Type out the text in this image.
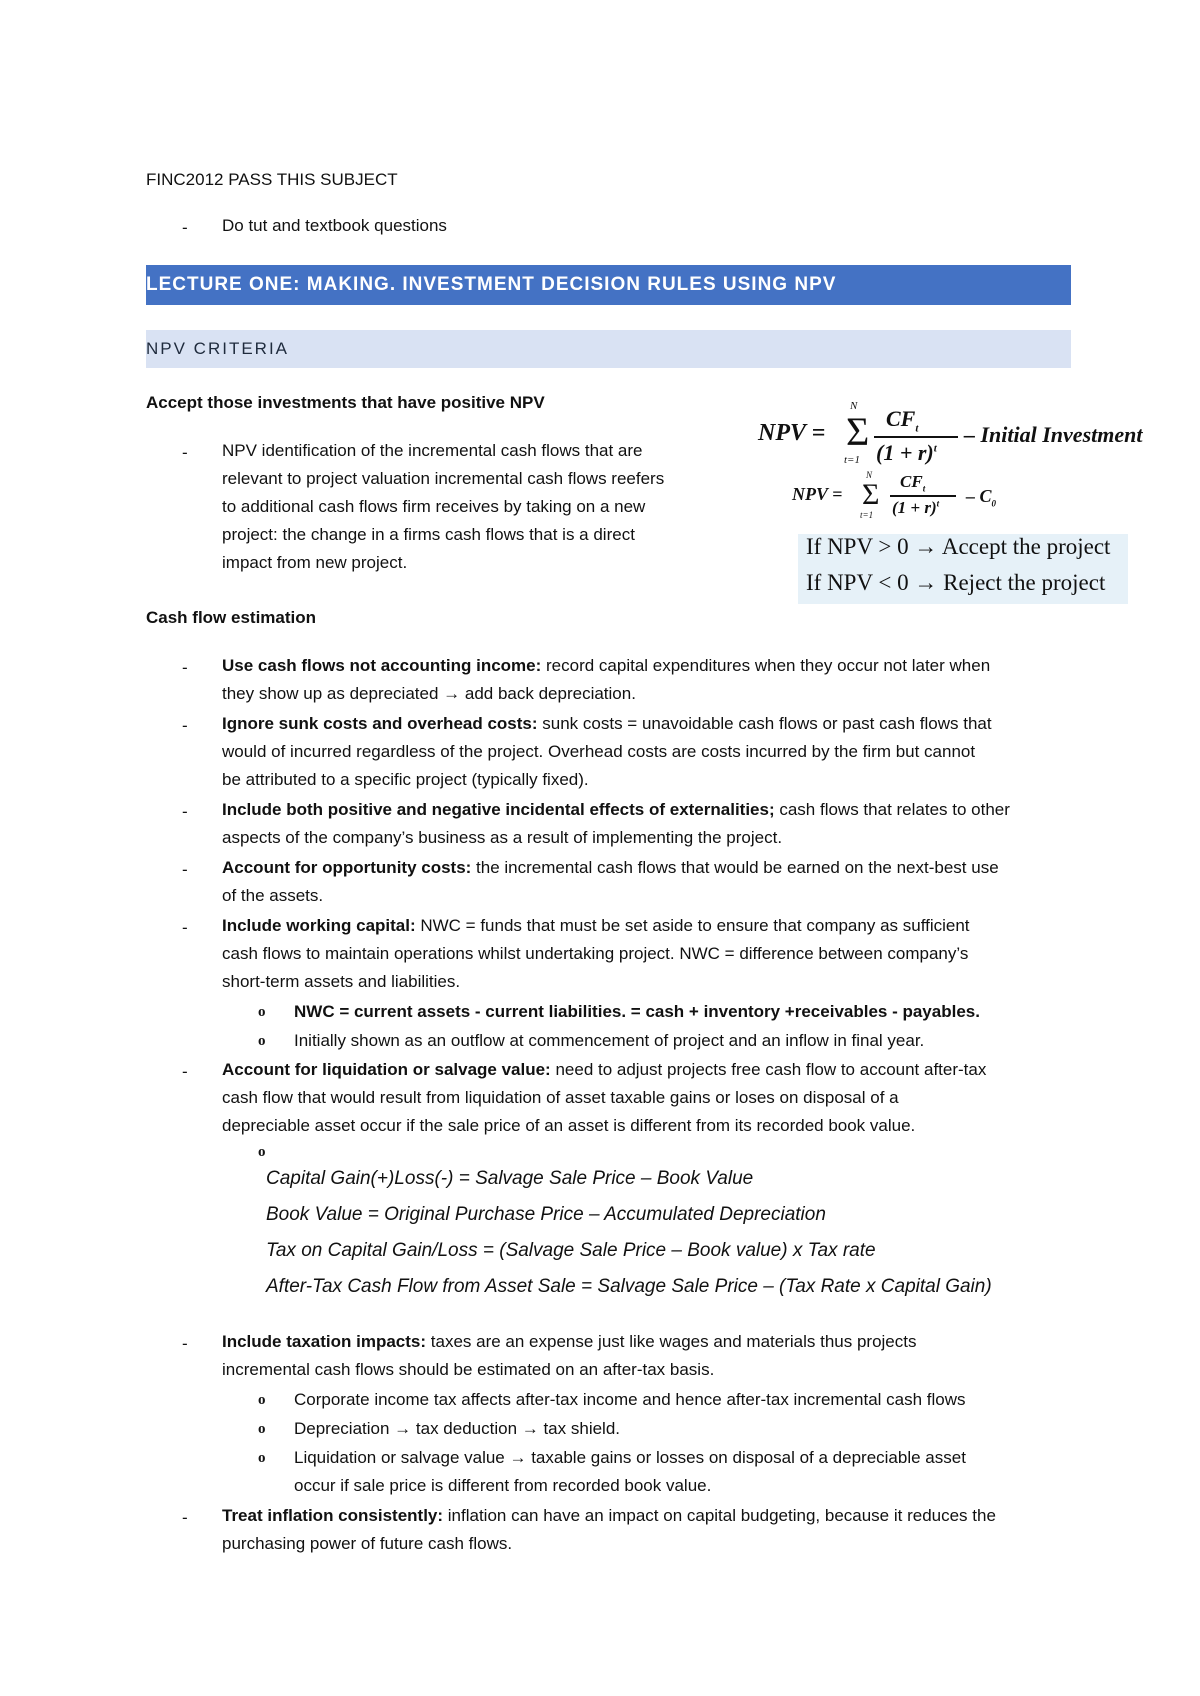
FINC2012 PASS THIS SUBJECT
- Do tut and textbook questions
LECTURE ONE: MAKING. INVESTMENT DECISION RULES USING NPV
NPV CRITERIA
Accept those investments that have positive NPV
- NPV identification of the incremental cash flows that are
relevant to project valuation incremental cash flows reefers
to additional cash flows firm receives by taking on a new
project: the change in a firms cash flows that is a direct
impact from new project.
NPV = Σ
N
t=1
$CF_t$
$(1 + r)^t$
– Initial Investment
NPV = Σ
N
t=1
$CF_t$
$(1 + r)^t - C_0$
If NPV > 0 → Accept the project
If NPV < 0 → Reject the project
Cash flow estimation
- Use cash flows not accounting income: record capital expenditures when they occur not later when
they show up as depreciated → add back depreciation.
- Ignore sunk costs and overhead costs: sunk costs = unavoidable cash flows or past cash flows that
would of incurred regardless of the project. Overhead costs are costs incurred by the firm but cannot
be attributed to a specific project (typically fixed).
- Include both positive and negative incidental effects of externalities; cash flows that relates to other
aspects of the company’s business as a result of implementing the project.
- Account for opportunity costs: the incremental cash flows that would be earned on the next-best use
of the assets.
- Include working capital: NWC = funds that must be set aside to ensure that company as sufficient
cash flows to maintain operations whilst undertaking project. NWC = difference between company’s
short-term assets and liabilities.
o NWC = current assets - current liabilities. = cash + inventory +receivables - payables.
o Initially shown as an outflow at commencement of project and an inflow in final year.
- Account for liquidation or salvage value: need to adjust projects free cash flow to account after-tax
cash flow that would result from liquidation of asset taxable gains or loses on disposal of a
depreciable asset occur if the sale price of an asset is different from its recorded book value.
o
Capital Gain(+)Loss(-) = Salvage Sale Price – Book Value
Book Value = Original Purchase Price – Accumulated Depreciation
Tax on Capital Gain/Loss = (Salvage Sale Price – Book value) x Tax rate
After-Tax Cash Flow from Asset Sale = Salvage Sale Price – (Tax Rate x Capital Gain)
- Include taxation impacts: taxes are an expense just like wages and materials thus projects
incremental cash flows should be estimated on an after-tax basis.
o Corporate income tax affects after-tax income and hence after-tax incremental cash flows
o Depreciation → tax deduction → tax shield.
o Liquidation or salvage value → taxable gains or losses on disposal of a depreciable asset
occur if sale price is different from recorded book value.
- Treat inflation consistently: inflation can have an impact on capital budgeting, because it reduces the
purchasing power of future cash flows.
